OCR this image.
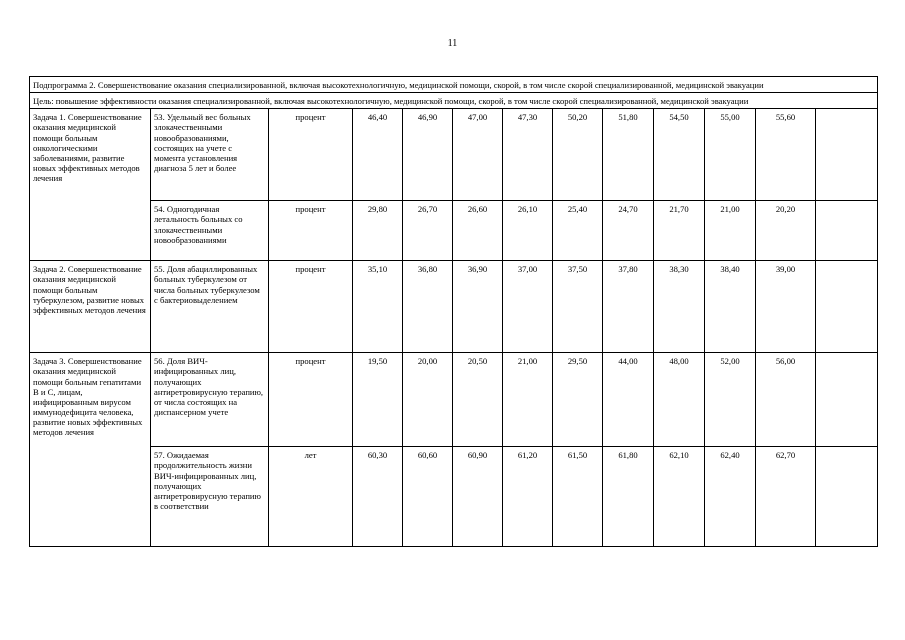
11
Подпрограмма 2. Совершенствование оказания специализированной, включая высокотехнологичную, медицинской помощи, скорой, в том числе скорой специализированной, медицинской эвакуации												
Цель: повышение эффективности оказания специализированной, включая высокотехнологичную, медицинской помощи, скорой, в том числе скорой специализированной, медицинской эвакуации												
Задача 1. Совершенствование оказания медицинской помощи больным онкологическими заболеваниями, развитие новых эффективных методов лечения	53. Удельный вес больных злокачественными новообразованиями, состоящих на учете с момента установления диагноза 5 лет и более	процент	46,40	46,90	47,00	47,30	50,20	51,80	54,50	55,00	55,60	
	54. Одногодичная летальность больных со злокачественными новообразованиями	процент	29,80	26,70	26,60	26,10	25,40	24,70	21,70	21,00	20,20	
Задача 2. Совершенствование оказания медицинской помощи больным туберкулезом, развитие новых эффективных методов лечения	55. Доля абациллированных больных туберкулезом от числа больных туберкулезом с бактериовыделением	процент	35,10	36,80	36,90	37,00	37,50	37,80	38,30	38,40	39,00	
Задача 3. Совершенствование оказания медицинской помощи больным гепатитами В и С, лицам, инфицированным вирусом иммунодефицита человека, развитие новых эффективных методов лечения	56. Доля ВИЧ-инфицированных лиц, получающих антиретровирусную терапию, от числа состоящих на диспансерном учете	процент	19,50	20,00	20,50	21,00	29,50	44,00	48,00	52,00	56,00	
	57. Ожидаемая продолжительность жизни ВИЧ-инфицированных лиц, получающих антиретровирусную терапию в соответствии	лет	60,30	60,60	60,90	61,20	61,50	61,80	62,10	62,40	62,70	
